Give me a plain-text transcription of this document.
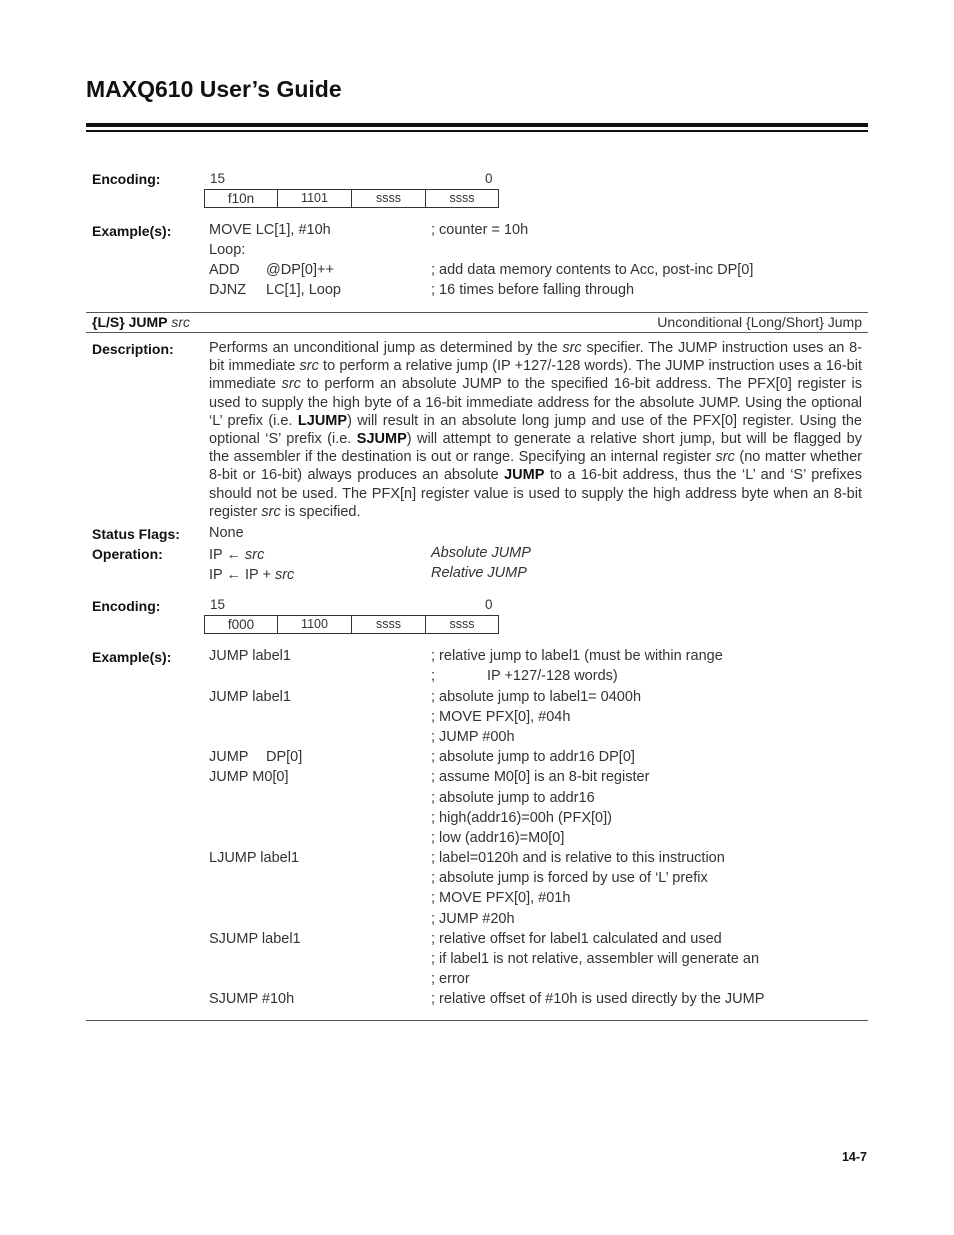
MAXQ610 User’s Guide
Encoding:	15	0
f10n	1101	ssss	ssss
Example(s):	MOVE LC[1], #10h	; counter = 10h
Loop:
ADD @DP[0]++	; add data memory contents to Acc, post-inc DP[0]
DJNZ LC[1], Loop	; 16 times before falling through
{L/S} JUMP src	Unconditional {Long/Short} Jump
Description: Performs an unconditional jump as determined by the src specifier. The JUMP instruction uses an 8-bit immediate src to perform a relative jump (IP +127/-128 words). The JUMP instruction uses a 16-bit immediate src to perform an absolute JUMP to the specified 16-bit address. The PFX[0] register is used to supply the high byte of a 16-bit immediate address for the absolute JUMP. Using the optional ‘L’ prefix (i.e. LJUMP) will result in an absolute long jump and use of the PFX[0] register. Using the optional ‘S’ prefix (i.e. SJUMP) will attempt to generate a relative short jump, but will be flagged by the assembler if the destination is out or range. Specifying an internal register src (no matter whether 8-bit or 16-bit) always produces an absolute JUMP to a 16-bit address, thus the ‘L’ and ‘S’ prefixes should not be used. The PFX[n] register value is used to supply the high address byte when an 8-bit register src is specified.
Status Flags: None
Operation:	IP ← src	Absolute JUMP
IP ← IP + src	Relative JUMP
Encoding:	15	0
f000	1100	ssss	ssss
Example(s):	JUMP label1	; relative jump to label1 (must be within range
;	IP +127/-128 words)
JUMP label1	; absolute jump to label1= 0400h
; MOVE PFX[0], #04h
; JUMP #00h
JUMP DP[0]	; absolute jump to addr16 DP[0]
JUMP M0[0]	; assume M0[0] is an 8-bit register
; absolute jump to addr16
; high(addr16)=00h (PFX[0])
; low (addr16)=M0[0]
LJUMP label1	; label=0120h and is relative to this instruction
; absolute jump is forced by use of ‘L’ prefix
; MOVE PFX[0], #01h
; JUMP #20h
SJUMP label1	; relative offset for label1 calculated and used
; if label1 is not relative, assembler will generate an
; error
SJUMP #10h	; relative offset of #10h is used directly by the JUMP
14-7
